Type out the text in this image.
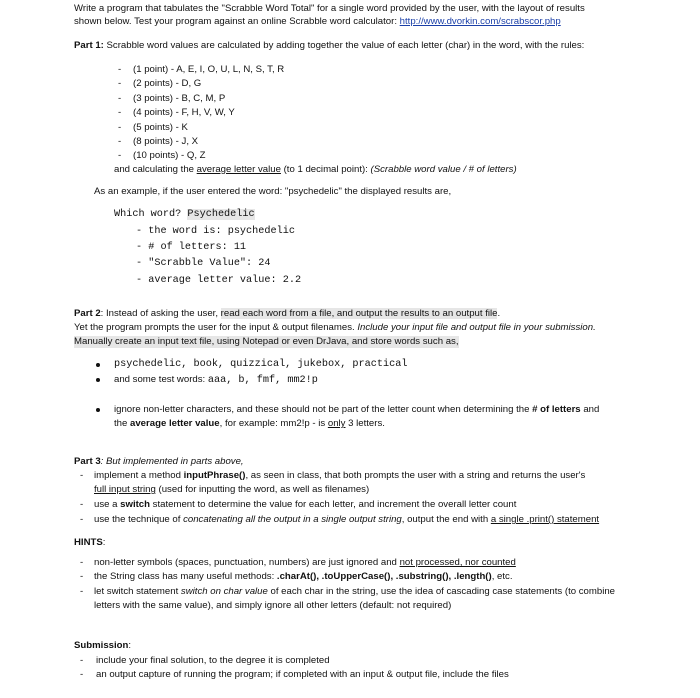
Write a program that tabulates the "Scrabble Word Total" for a single word provided by the user, with the layout of results
shown below. Test your program against an online Scrabble word calculator: http://www.dvorkin.com/scrabscor.php
Part 1: Scrabble word values are calculated by adding together the value of each letter (char) in the word, with the rules:
- (1 point) - A, E, I, O, U, L, N, S, T, R
- (2 points) - D, G
- (3 points) - B, C, M, P
- (4 points) - F, H, V, W, Y
- (5 points) - K
- (8 points) - J, X
- (10 points) - Q, Z
and calculating the average letter value (to 1 decimal point): (Scrabble word value / # of letters)
As an example, if the user entered the word: "psychedelic" the displayed results are,
Which word? Psychedelic
- the word is: psychedelic
- # of letters: 11
- "Scrabble Value": 24
- average letter value: 2.2
Part 2: Instead of asking the user, read each word from a file, and output the results to an output file.
Yet the program prompts the user for the input & output filenames. Include your input file and output file in your submission.
Manually create an input text file, using Notepad or even DrJava, and store words such as,
psychedelic, book, quizzical, jukebox, practical
and some test words: aaa, b, fmf, mm2!p
ignore non-letter characters, and these should not be part of the letter count when determining the # of letters and
the average letter value, for example: mm2!p - is only 3 letters.
Part 3: But implemented in parts above,
- implement a method inputPhrase(), as seen in class, that both prompts the user with a string and returns the user's
full input string (used for inputting the word, as well as filenames)
- use a switch statement to determine the value for each letter, and increment the overall letter count
- use the technique of concatenating all the output in a single output string, output the end with a single .print() statement
HINTS:
- non-letter symbols (spaces, punctuation, numbers) are just ignored and not processed, nor counted
- the String class has many useful methods: .charAt(), .toUpperCase(), .substring(), .length(), etc.
- let switch statement switch on char value of each char in the string, use the idea of cascading case statements (to combine
letters with the same value), and simply ignore all other letters (default: not required)
Submission:
- include your final solution, to the degree it is completed
- an output capture of running the program; if completed with an input & output file, include the files
